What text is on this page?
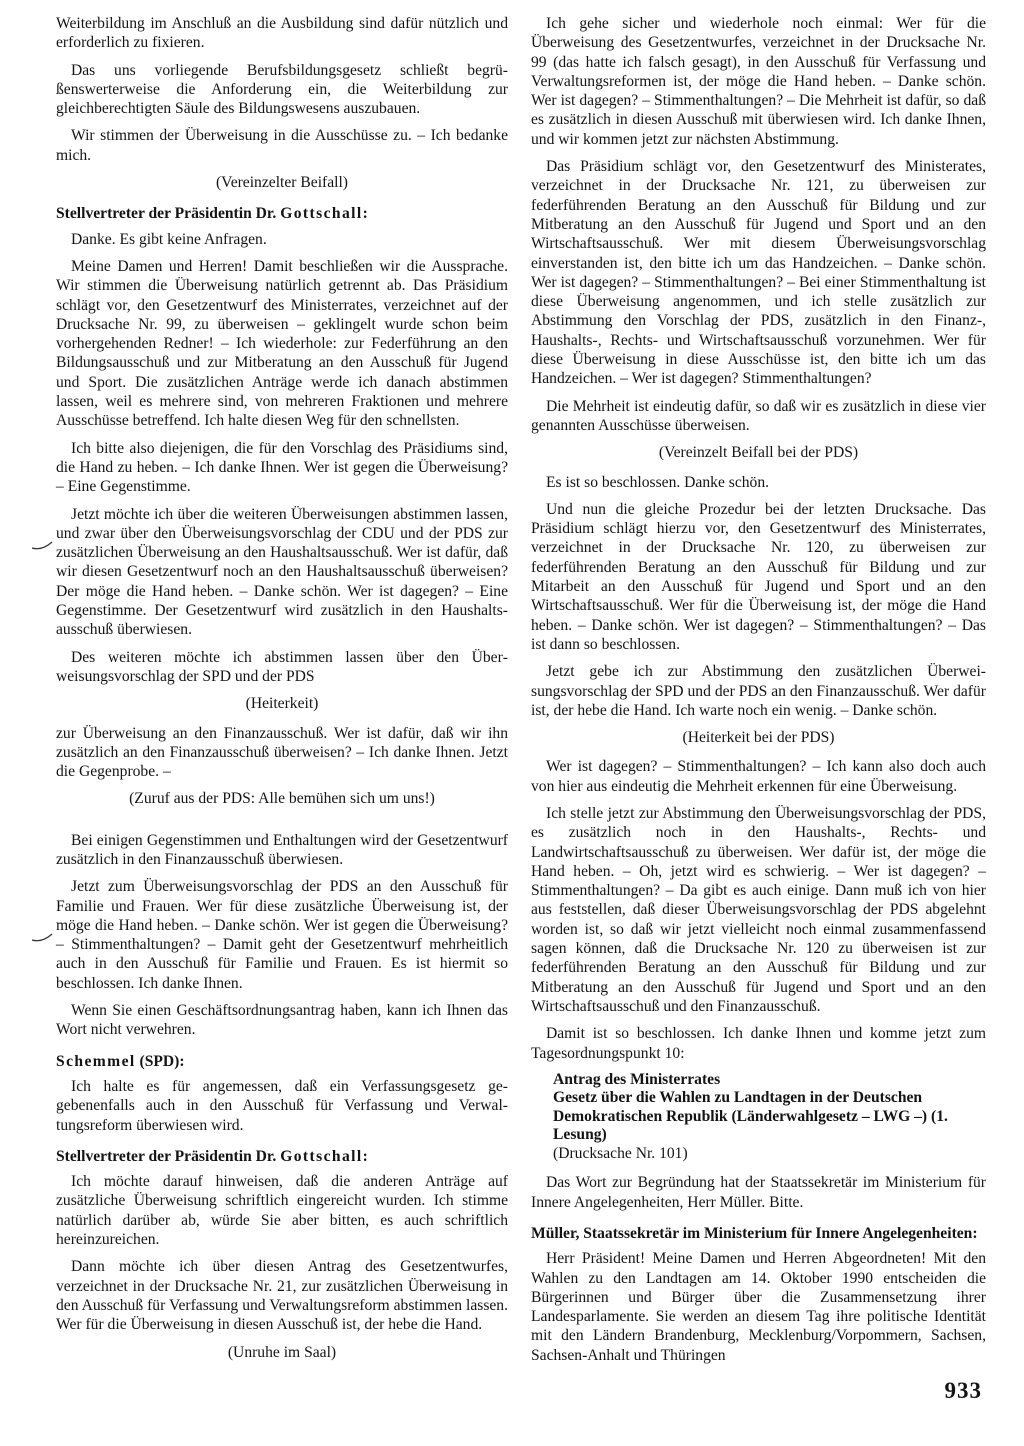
Weiterbildung im Anschluß an die Ausbildung sind dafür nützlich und erforderlich zu fixieren.

Das uns vorliegende Berufsbildungsgesetz schließt begrüßenswerterweise die Anforderung ein, die Weiterbildung zur gleichberechtigten Säule des Bildungswesens auszubauen.

Wir stimmen der Überweisung in die Ausschüsse zu. – Ich bedanke mich.

(Vereinzelter Beifall)

Stellvertreter der Präsidentin Dr. Gottschall:

Danke. Es gibt keine Anfragen.

Meine Damen und Herren! Damit beschließen wir die Aussprache. Wir stimmen die Überweisung natürlich getrennt ab. Das Präsidium schlägt vor, den Gesetzentwurf des Ministerrates, verzeichnet auf der Drucksache Nr. 99, zu überweisen – geklingelt wurde schon beim vorhergehenden Redner! – Ich wiederhole: zur Federführung an den Bildungsausschuß und zur Mitberatung an den Ausschuß für Jugend und Sport. Die zusätzlichen Anträge werde ich danach abstimmen lassen, weil es mehrere sind, von mehreren Fraktionen und mehrere Ausschüsse betreffend. Ich halte diesen Weg für den schnellsten.

Ich bitte also diejenigen, die für den Vorschlag des Präsidiums sind, die Hand zu heben. – Ich danke Ihnen. Wer ist gegen die Überweisung? – Eine Gegenstimme.

Jetzt möchte ich über die weiteren Überweisungen abstimmen lassen, und zwar über den Überweisungsvorschlag der CDU und der PDS zur zusätzlichen Überweisung an den Haushaltsausschuß. Wer ist dafür, daß wir diesen Gesetzentwurf noch an den Haushaltsausschuß überweisen? Der möge die Hand heben. – Danke schön. Wer ist dagegen? – Eine Gegenstimme. Der Gesetzentwurf wird zusätzlich in den Haushaltsausschuß überwiesen.

Des weiteren möchte ich abstimmen lassen über den Überweisungsvorschlag der SPD und der PDS

(Heiterkeit)

zur Überweisung an den Finanzausschuß. Wer ist dafür, daß wir ihn zusätzlich an den Finanzausschuß überweisen? – Ich danke Ihnen. Jetzt die Gegenprobe. –

(Zuruf aus der PDS: Alle bemühen sich um uns!)

Bei einigen Gegenstimmen und Enthaltungen wird der Gesetzentwurf zusätzlich in den Finanzausschuß überwiesen.

Jetzt zum Überweisungsvorschlag der PDS an den Ausschuß für Familie und Frauen. Wer für diese zusätzliche Überweisung ist, der möge die Hand heben. – Danke schön. Wer ist gegen die Überweisung? – Stimmenthaltungen? – Damit geht der Gesetzentwurf mehrheitlich auch in den Ausschuß für Familie und Frauen. Es ist hiermit so beschlossen. Ich danke Ihnen.

Wenn Sie einen Geschäftsordnungsantrag haben, kann ich Ihnen das Wort nicht verwehren.

Schemmel (SPD):

Ich halte es für angemessen, daß ein Verfassungsgesetz gegebenenfalls auch in den Ausschuß für Verfassung und Verwaltungsreform überwiesen wird.

Stellvertreter der Präsidentin Dr. Gottschall:

Ich möchte darauf hinweisen, daß die anderen Anträge auf zusätzliche Überweisung schriftlich eingereicht wurden. Ich stimme natürlich darüber ab, würde Sie aber bitten, es auch schriftlich hereinzureichen.

Dann möchte ich über diesen Antrag des Gesetzentwurfes, verzeichnet in der Drucksache Nr. 21, zur zusätzlichen Überweisung in den Ausschuß für Verfassung und Verwaltungsreform abstimmen lassen. Wer für die Überweisung in diesen Ausschuß ist, der hebe die Hand.

(Unruhe im Saal)

Ich gehe sicher und wiederhole noch einmal: Wer für die Überweisung des Gesetzentwurfes, verzeichnet in der Drucksache Nr. 99 (das hatte ich falsch gesagt), in den Ausschuß für Verfassung und Verwaltungsreformen ist, der möge die Hand heben. – Danke schön. Wer ist dagegen? – Stimmenthaltungen? – Die Mehrheit ist dafür, so daß es zusätzlich in diesen Ausschuß mit überwiesen wird. Ich danke Ihnen, und wir kommen jetzt zur nächsten Abstimmung.

Das Präsidium schlägt vor, den Gesetzentwurf des Ministerates, verzeichnet in der Drucksache Nr. 121, zu überweisen zur federführenden Beratung an den Ausschuß für Bildung und zur Mitberatung an den Ausschuß für Jugend und Sport und an den Wirtschaftsausschuß. Wer mit diesem Überweisungsvorschlag einverstanden ist, den bitte ich um das Handzeichen. – Danke schön. Wer ist dagegen? – Stimmenthaltungen? – Bei einer Stimmenthaltung ist diese Überweisung angenommen, und ich stelle zusätzlich zur Abstimmung den Vorschlag der PDS, zusätzlich in den Finanz-, Haushalts-, Rechts- und Wirtschaftsausschuß vorzunehmen. Wer für diese Überweisung in diese Ausschüsse ist, den bitte ich um das Handzeichen. – Wer ist dagegen? Stimmenthaltungen?

Die Mehrheit ist eindeutig dafür, so daß wir es zusätzlich in diese vier genannten Ausschüsse überweisen.

(Vereinzelt Beifall bei der PDS)

Es ist so beschlossen. Danke schön.

Und nun die gleiche Prozedur bei der letzten Drucksache. Das Präsidium schlägt hierzu vor, den Gesetzentwurf des Ministerrates, verzeichnet in der Drucksache Nr. 120, zu überweisen zur federführenden Beratung an den Ausschuß für Bildung und zur Mitarbeit an den Ausschuß für Jugend und Sport und an den Wirtschaftsausschuß. Wer für die Überweisung ist, der möge die Hand heben. – Danke schön. Wer ist dagegen? – Stimmenthaltungen? – Das ist dann so beschlossen.

Jetzt gebe ich zur Abstimmung den zusätzlichen Überweisungsvorschlag der SPD und der PDS an den Finanzausschuß. Wer dafür ist, der hebe die Hand. Ich warte noch ein wenig. – Danke schön.

(Heiterkeit bei der PDS)

Wer ist dagegen? – Stimmenthaltungen? – Ich kann also doch auch von hier aus eindeutig die Mehrheit erkennen für eine Überweisung.

Ich stelle jetzt zur Abstimmung den Überweisungsvorschlag der PDS, es zusätzlich noch in den Haushalts-, Rechts- und Landwirtschaftsausschuß zu überweisen. Wer dafür ist, der möge die Hand heben. – Oh, jetzt wird es schwierig. – Wer ist dagegen? – Stimmenthaltungen? – Da gibt es auch einige. Dann muß ich von hier aus feststellen, daß dieser Überweisungsvorschlag der PDS abgelehnt worden ist, so daß wir jetzt vielleicht noch einmal zusammenfassend sagen können, daß die Drucksache Nr. 120 zu überweisen ist zur federführenden Beratung an den Ausschuß für Bildung und zur Mitberatung an den Ausschuß für Jugend und Sport und an den Wirtschaftsausschuß und den Finanzausschuß.

Damit ist so beschlossen. Ich danke Ihnen und komme jetzt zum Tagesordnungspunkt 10:

Antrag des Ministerrates
Gesetz über die Wahlen zu Landtagen in der Deutschen Demokratischen Republik (Länderwahlgesetz – LWG –) (1. Lesung)
(Drucksache Nr. 101)

Das Wort zur Begründung hat der Staatssekretär im Ministerium für Innere Angelegenheiten, Herr Müller. Bitte.

Müller, Staatssekretär im Ministerium für Innere Angelegenheiten:

Herr Präsident! Meine Damen und Herren Abgeordneten! Mit den Wahlen zu den Landtagen am 14. Oktober 1990 entscheiden die Bürgerinnen und Bürger über die Zusammensetzung ihrer Landesparlamente. Sie werden an diesem Tag ihre politische Identität mit den Ländern Brandenburg, Mecklenburg/Vorpommern, Sachsen, Sachsen-Anhalt und Thüringen

933
